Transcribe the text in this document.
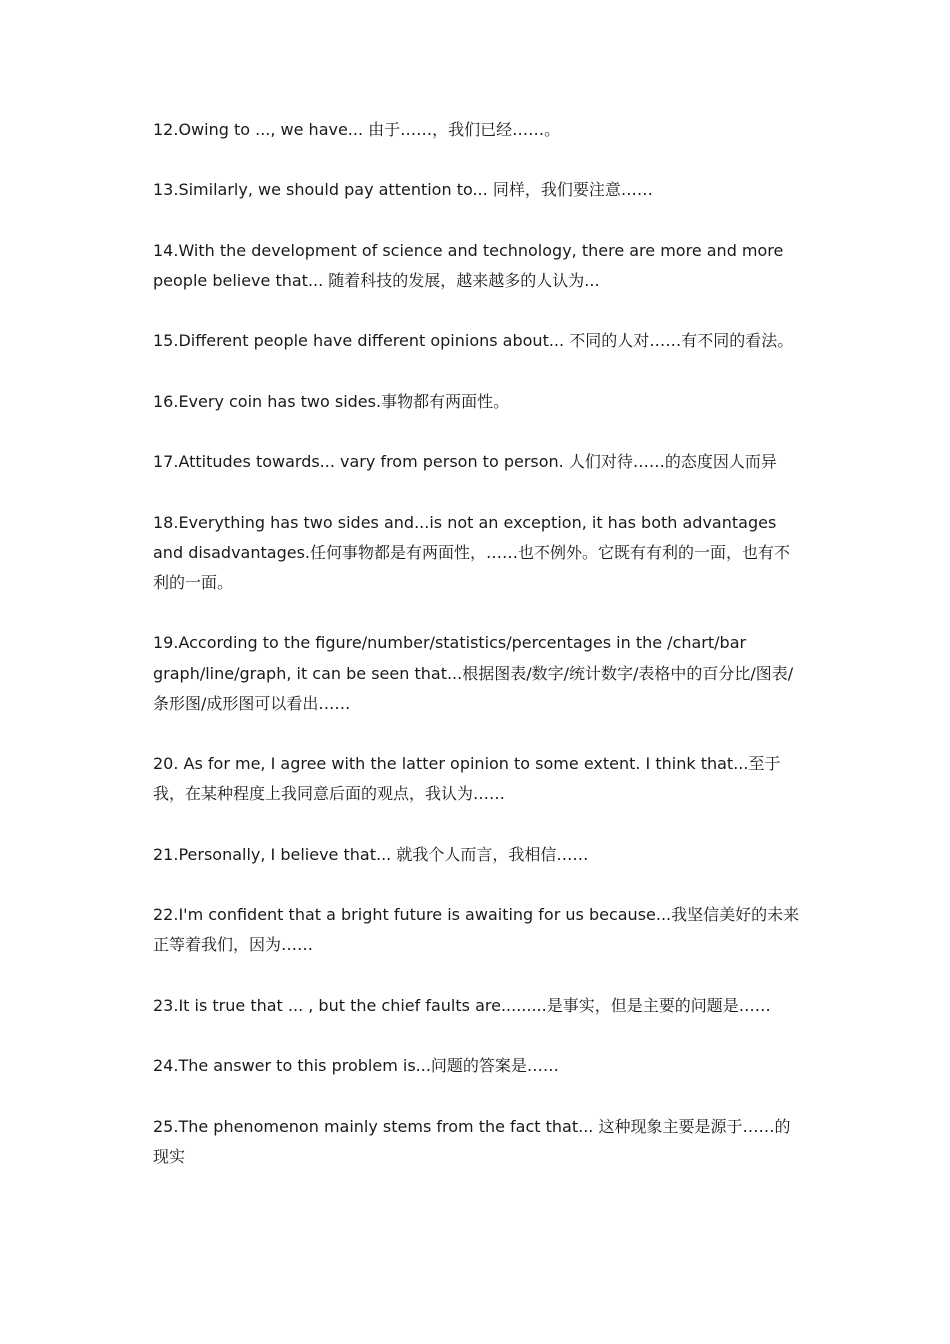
12.Owing to ..., we have... 由于……，我们已经……。

13.Similarly, we should pay attention to... 同样，我们要注意……

14.With the development of science and technology, there are more and more people believe that... 随着科技的发展，越来越多的人认为...

15.Different people have different opinions about... 不同的人对……有不同的看法。

16.Every coin has two sides.事物都有两面性。

17.Attitudes towards... vary from person to person. 人们对待……的态度因人而异

18.Everything has two sides and...is not an exception, it has both advantages and disadvantages.任何事物都是有两面性，……也不例外。它既有有利的一面，也有不利的一面。

19.According to the figure/number/statistics/percentages in the /chart/bar graph/line/graph, it can be seen that...根据图表/数字/统计数字/表格中的百分比/图表/条形图/成形图可以看出……

20. As for me, I agree with the latter opinion to some extent. I think that...至于我，在某种程度上我同意后面的观点，我认为……

21.Personally, I believe that... 就我个人而言，我相信……

22.I'm confident that a bright future is awaiting for us because...我坚信美好的未来正等着我们，因为……

23.It is true that ... , but the chief faults are.........是事实，但是主要的问题是……

24.The answer to this problem is...问题的答案是……

25.The phenomenon mainly stems from the fact that... 这种现象主要是源于……的现实
